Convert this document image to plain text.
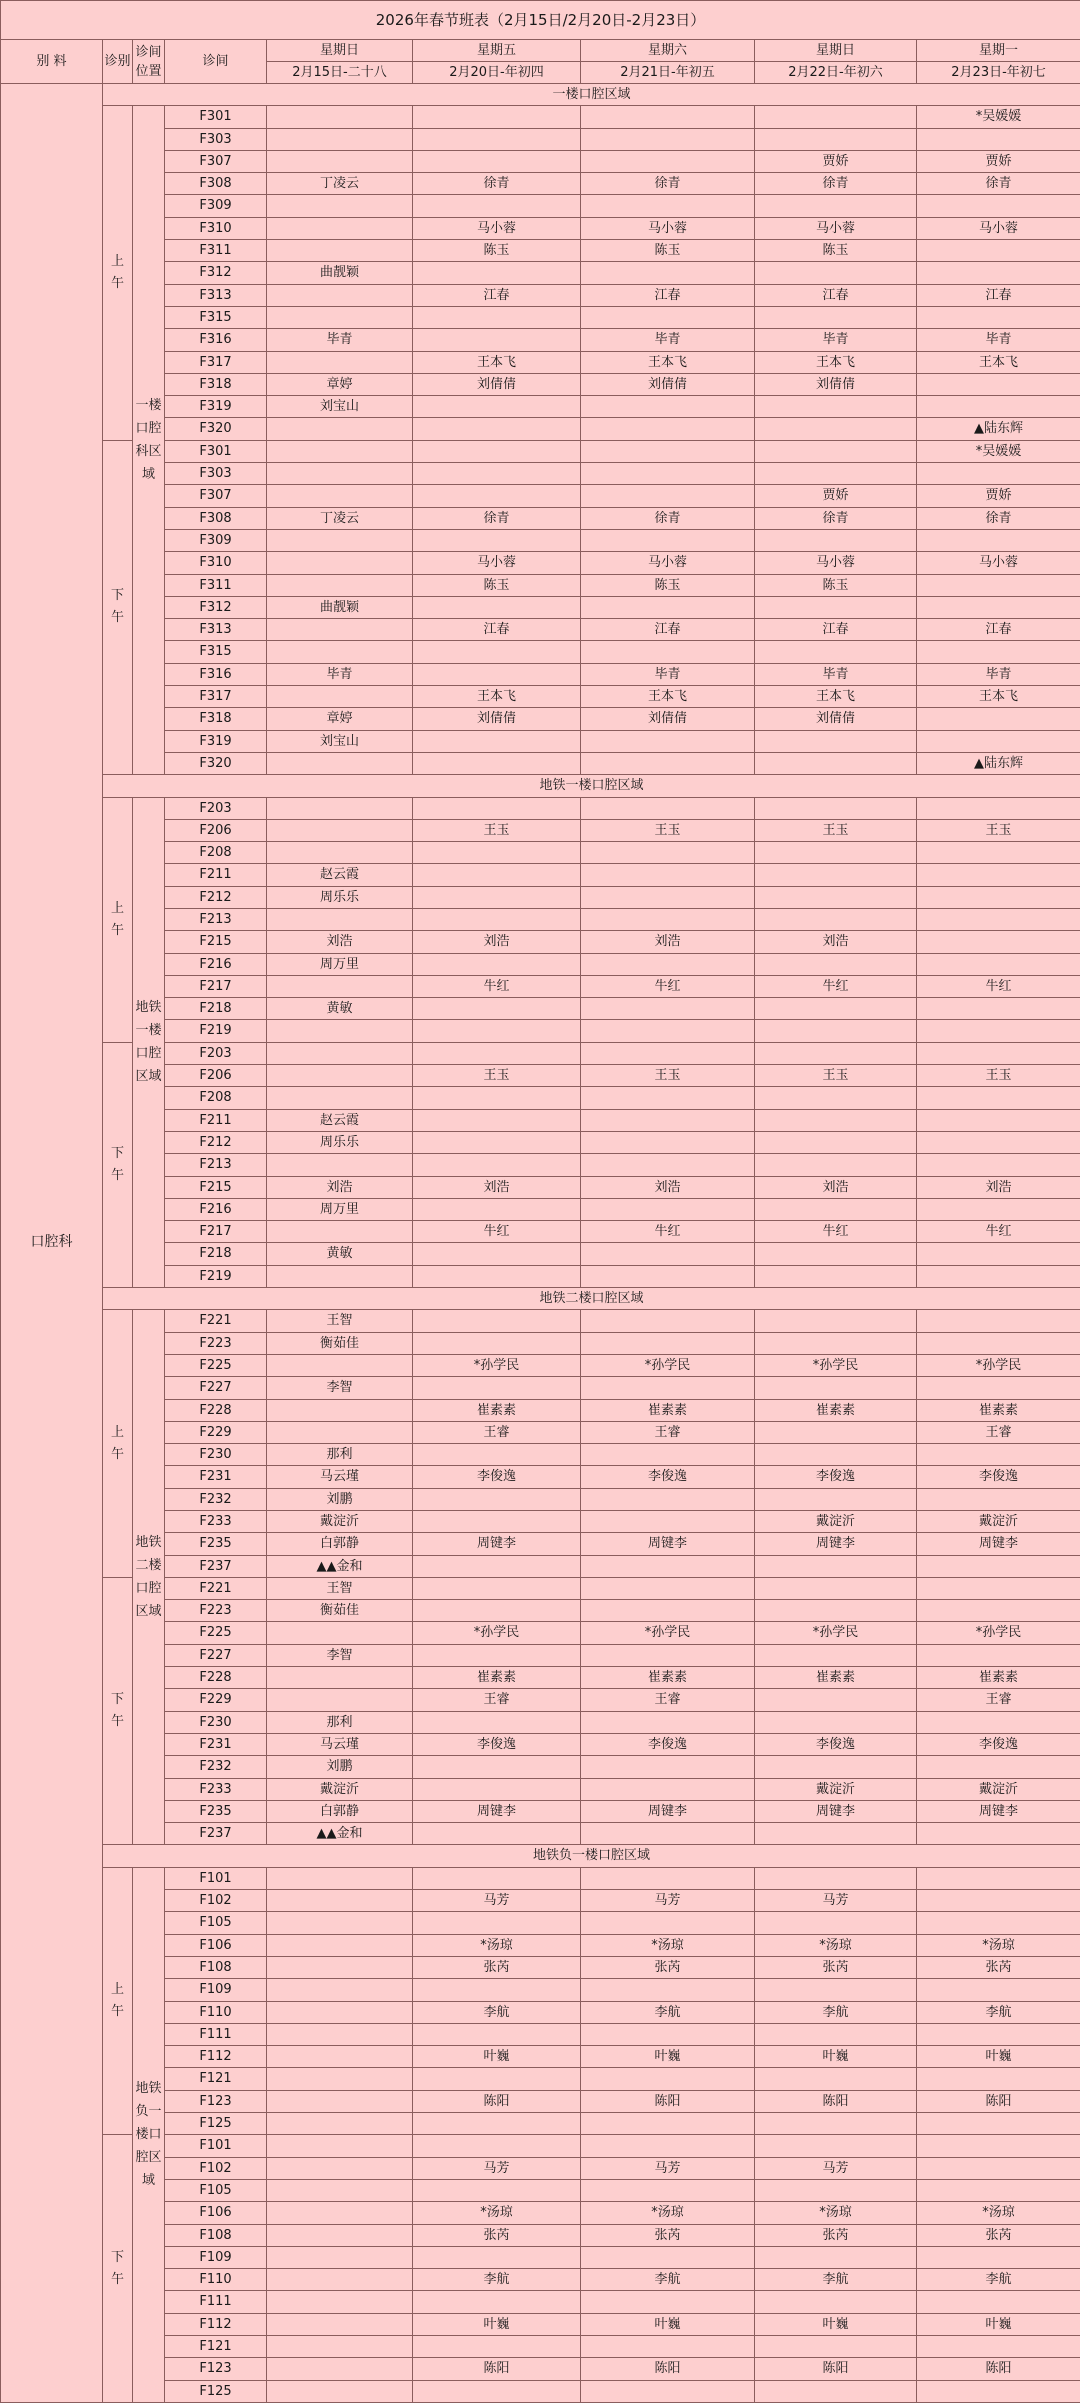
2026年春节班表（2月15日/2月20日-2月23日）								
别 料	诊别	诊间位置	诊间	星期日	星期五	星期六	星期日	星期一
				2月15日-二十八	2月20日-年初四	2月21日-年初五	2月22日-年初六	2月23日-年初七
口腔科	一楼口腔区域							

	上
午	一楼口腔科区域	F301					*吴媛媛
			F303					
			F307				贾娇	贾娇
			F308	丁凌云	徐青	徐青	徐青	徐青
			F309					
			F310		马小蓉	马小蓉	马小蓉	马小蓉
			F311		陈玉	陈玉	陈玉	
			F312	曲靓颖				
			F313		江春	江春	江春	江春
			F315					
			F316	毕青		毕青	毕青	毕青
			F317		王本飞	王本飞	王本飞	王本飞
			F318	章婷	刘倩倩	刘倩倩	刘倩倩	
			F319	刘宝山				
			F320					▲陆东辉

	下
午		F301					*吴媛媛
			F303					
			F307				贾娇	贾娇
			F308	丁凌云	徐青	徐青	徐青	徐青
			F309					
			F310		马小蓉	马小蓉	马小蓉	马小蓉
			F311		陈玉	陈玉	陈玉	
			F312	曲靓颖				
			F313		江春	江春	江春	江春
			F315					
			F316	毕青		毕青	毕青	毕青
			F317		王本飞	王本飞	王本飞	王本飞
			F318	章婷	刘倩倩	刘倩倩	刘倩倩	
			F319	刘宝山				
			F320					▲陆东辉
	地铁一楼口腔区域							

	上
午	地铁一楼口腔区域	F203					
			F206		王玉	王玉	王玉	王玉
			F208					
			F211	赵云霞				
			F212	周乐乐				
			F213					
			F215	刘浩	刘浩	刘浩	刘浩	
			F216	周万里				
			F217		牛红	牛红	牛红	牛红
			F218	黄敏				
			F219					

	下
午		F203					
			F206		王玉	王玉	王玉	王玉
			F208					
			F211	赵云霞				
			F212	周乐乐				
			F213					
			F215	刘浩	刘浩	刘浩	刘浩	刘浩
			F216	周万里				
			F217		牛红	牛红	牛红	牛红
			F218	黄敏				
			F219					
	地铁二楼口腔区域							

	上
午	地铁二楼口腔区域	F221	王智				
			F223	衡茹佳				
			F225		*孙学民	*孙学民	*孙学民	*孙学民
			F227	李智				
			F228		崔素素	崔素素	崔素素	崔素素
			F229		王睿	王睿		王睿
			F230	那利				
			F231	马云瑾	李俊逸	李俊逸	李俊逸	李俊逸
			F232	刘鹏				
			F233	戴淀沂			戴淀沂	戴淀沂
			F235	白郭静	周键李	周键李	周键李	周键李
			F237	▲▲金和				

	下
午		F221	王智				
			F223	衡茹佳				
			F225		*孙学民	*孙学民	*孙学民	*孙学民
			F227	李智				
			F228		崔素素	崔素素	崔素素	崔素素
			F229		王睿	王睿		王睿
			F230	那利				
			F231	马云瑾	李俊逸	李俊逸	李俊逸	李俊逸
			F232	刘鹏				
			F233	戴淀沂			戴淀沂	戴淀沂
			F235	白郭静	周键李	周键李	周键李	周键李
			F237	▲▲金和				
	地铁负一楼口腔区域							

	上
午	地铁负一楼口腔区域	F101					
			F102		马芳	马芳	马芳	
			F105					
			F106		*汤琼	*汤琼	*汤琼	*汤琼
			F108		张芮	张芮	张芮	张芮
			F109					
			F110		李航	李航	李航	李航
			F111					
			F112		叶巍	叶巍	叶巍	叶巍
			F121					
			F123		陈阳	陈阳	陈阳	陈阳
			F125					

	下
午		F101					
			F102		马芳	马芳	马芳	
			F105					
			F106		*汤琼	*汤琼	*汤琼	*汤琼
			F108		张芮	张芮	张芮	张芮
			F109					
			F110		李航	李航	李航	李航
			F111					
			F112		叶巍	叶巍	叶巍	叶巍
			F121					
			F123		陈阳	陈阳	陈阳	陈阳
			F125					
